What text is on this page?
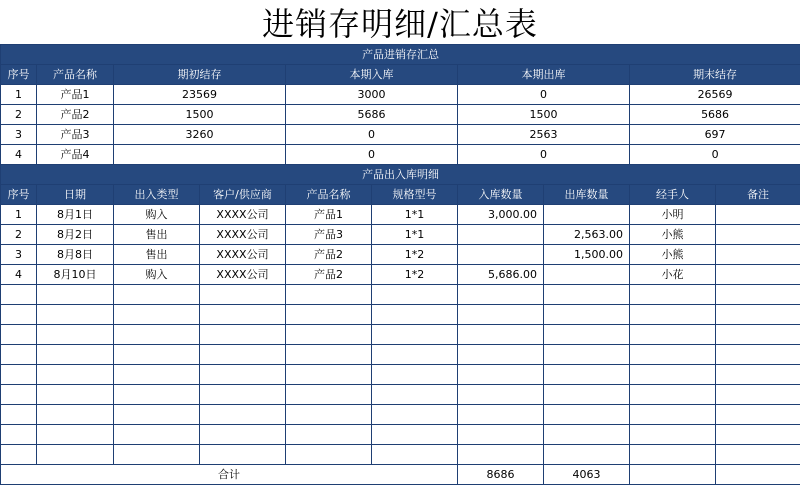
进销存明细/汇总表
产品进销存汇总									
序号	产品名称	期初结存		本期入库		本期出库		期末结存	
1	产品1	23569		3000		0		26569	
2	产品2	1500		5686		1500		5686	
3	产品3	3260		0		2563		697	
4	产品4			0		0		0	
产品出入库明细									
序号	日期	出入类型	客户/供应商	产品名称	规格型号	入库数量	出库数量	经手人	备注
1	8月1日	购入	XXXX公司	产品1	1*1	3,000.00		小明	
2	8月2日	售出	XXXX公司	产品3	1*1		2,563.00	小熊	
3	8月8日	售出	XXXX公司	产品2	1*2		1,500.00	小熊	
4	8月10日	购入	XXXX公司	产品2	1*2	5,686.00		小花	

合计						8686	4063		
